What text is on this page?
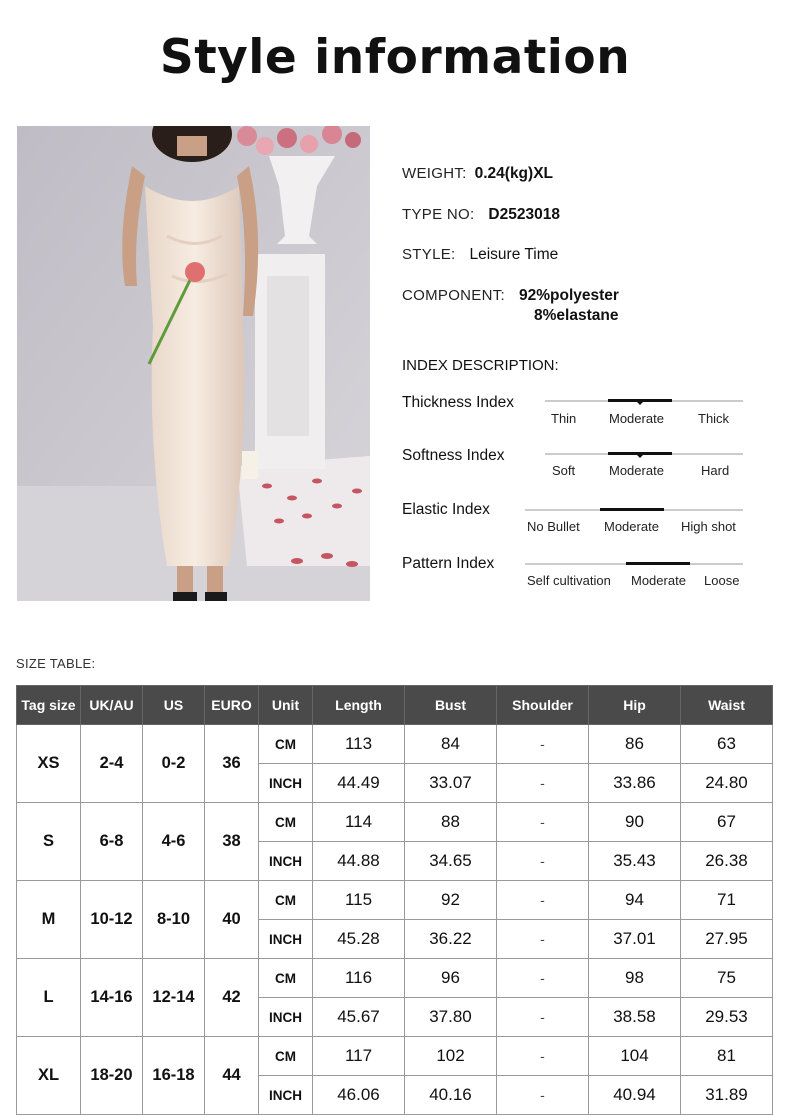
Style information
WEIGHT: 0.24(kg)XL
TYPE NO: D2523018
STYLE: Leisure Time
COMPONENT: 92%polyester
8%elastane
INDEX DESCRIPTION:
Thickness Index
Thin	Moderate	Thick
Softness Index
Soft	Moderate	Hard
Elastic Index
No Bullet Moderate High shot
Pattern Index
Self cultivation Moderate Loose
SIZE TABLE:
Tag size	UK/AU	US	EURO	Unit	Length	Bust	Shoulder	Hip	Waist
XS	2-4	0-2	36	CM	113	84	-	86	63
				INCH	44.49	33.07	-	33.86	24.80
S	6-8	4-6	38	CM	114	88	-	90	67
				INCH	44.88	34.65	-	35.43	26.38
M	10-12	8-10	40	CM	115	92	-	94	71
				INCH	45.28	36.22	-	37.01	27.95
L	14-16	12-14	42	CM	116	96	-	98	75
				INCH	45.67	37.80	-	38.58	29.53
XL	18-20	16-18	44	CM	117	102	-	104	81
				INCH	46.06	40.16	-	40.94	31.89
